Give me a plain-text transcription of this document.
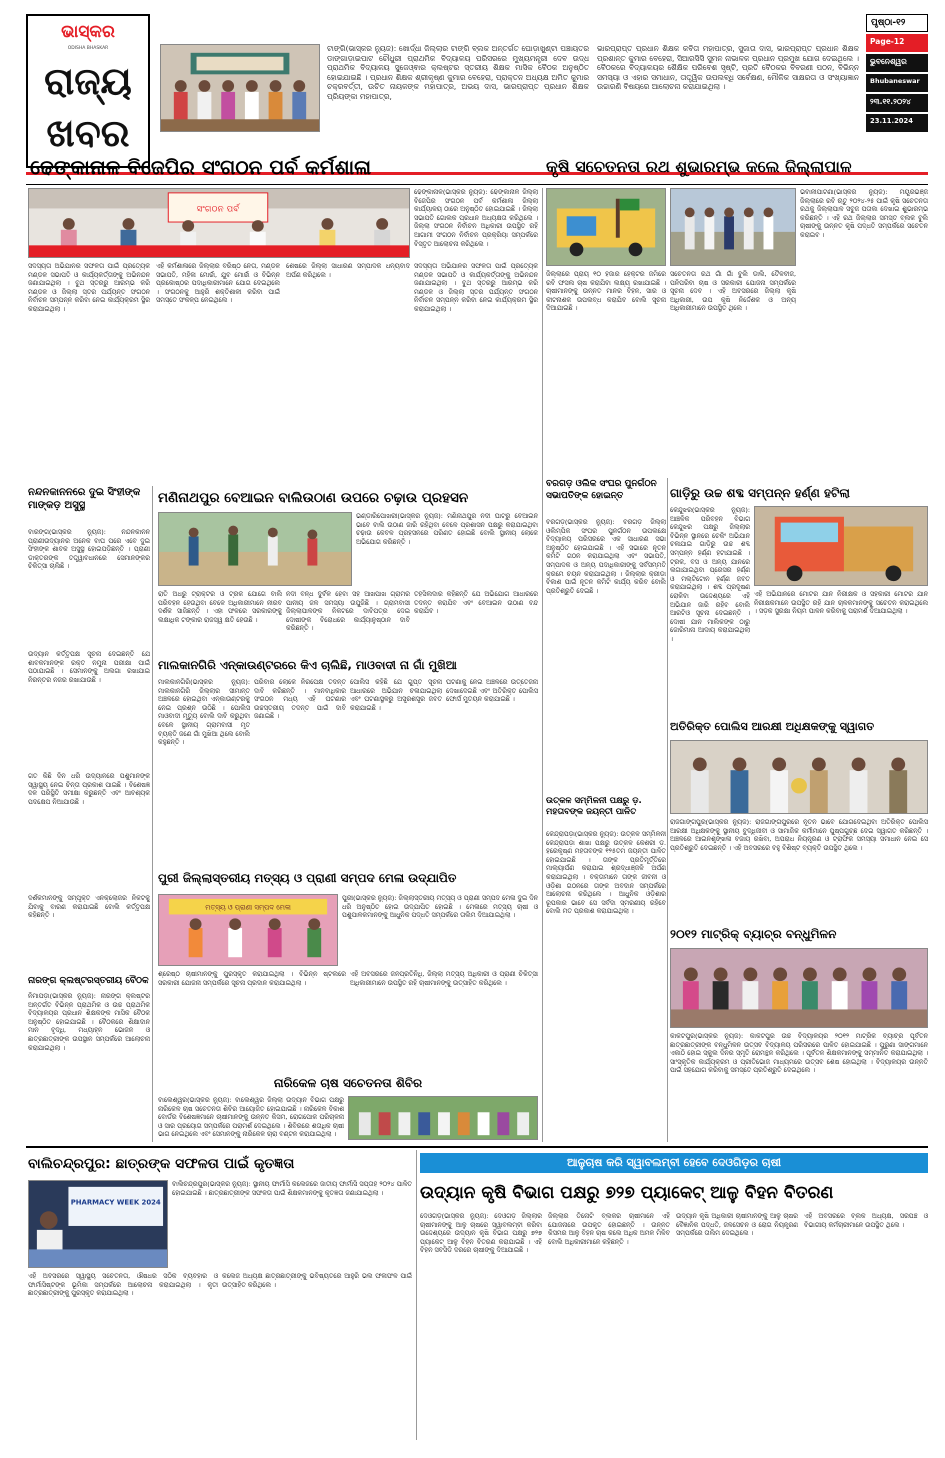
ଭାସ୍କର
ODISHA BHASKAR
ରାଜ୍ୟ
ଖବର
ଟାଙ୍ଗି(ଭାସ୍କର ନ୍ୟୁଜ): ଖୋର୍ଦ୍ଧା ଜିଲ୍ଲାର ଟାଙ୍ଗି ବ୍ଲକ ଅନ୍ତର୍ଗତ ଘୋଡ଼ାଖୁଣ୍ଟା ପଞ୍ଚାୟତର ଡାଙ୍ଗାଡ଼ାଇପାଟ ଚୌଧୁରୀ ପ୍ରାଥମିକ ବିଦ୍ୟାଳୟ ପରିସରରେ ମୁଖ୍ୟମନ୍ତ୍ରୀ ଦେବ ଉଦ୍ଧ ପ୍ରାଥମିକ ବିଦ୍ୟାଳୟ ସୁଜେଓ୍ଵାର କ୍ଲଷ୍ଟର ସ୍ତରୀୟ ଶିକ୍ଷକ ମାସିକ ବୈଠକ ଅନୁଷ୍ଠିତ ହୋଇଯାଇଛି । ପ୍ରଧାନ ଶିକ୍ଷକ ଶ୍ରୀକୃଷ୍ଣ କୁମାର ବେହେରା, ପ୍ରାକ୍ତନ ଅଧ୍ୟକ୍ଷ ଅମିତ କୁମାର ଚକ୍ରବର୍ତ୍ତୀ, ଉଚିତ ନାୟକଙ୍କ ମହାପାତ୍ର, ଅଭୟ ଦାସ, ଭାରପ୍ରାପ୍ତ ପ୍ରଧାନ ଶିକ୍ଷକ ପ୍ରିୟଙ୍କା ମହାପାତ୍ର,
ଭାରପ୍ରାପ୍ତ ପ୍ରଧାନ ଶିକ୍ଷକ କବିତା ମହାପାତ୍ର, ସୁଜାତା ଦାସ, ଭାରପ୍ରାପ୍ତ ପ୍ରଧାନ ଶିକ୍ଷକ ପ୍ରଶାନ୍ତ କୁମାର ବେହେରା, ସିଆରସିସି ସୁମନ ନାଭାଳକ ପ୍ରଧାନ ପ୍ରମୁଖ ଯୋଗ ଦେଇଥିଲେ । ବୈଠକରେ ବିଦ୍ୟାଳୟର ଶୈକ୍ଷିକ ପରିବେଶ ସୃଷ୍ଟି, ପ୍ରତି ବୈଠକର ବିବରଣୀ ପଠନ, ବିଭିନ୍ନ ସମସ୍ୟା ଓ ଏହାର ସମାଧାନ, ତାତ୍ତ୍ୱିକ ଉପଲବ୍ଧି ସର୍ବେକ୍ଷଣ, ମୌଳିକ ସାକ୍ଷରତା ଓ ସଂଖ୍ୟାଜ୍ଞାନ ଉଚ୍ଚାରଣି ବିଷୟରେ ଆଲୋଚନା କରାଯାଇଥିଲା ।
ପୃଷ୍ଠା-୧୨
Page-12
ଭୁବନେଶ୍ୱର
Bhubaneswar
୨୩.୧୧.୨୦୨୪
23.11.2024
ଢେଙ୍କାନାଳ ବିଜେପିର ସଂଗଠନ ପର୍ବ କର୍ମଶାଳା
ସଂଗଠନ ପର୍ବ
ଢେଙ୍କାନାଳ(ଭାସ୍କର ନ୍ୟୁଜ): ଢେଙ୍କାନାଳ ଜିଲ୍ଲା ବିଜେପିର ସଂଗଠନ ପର୍ବ କର୍ମଶାଳା ଜିଲ୍ଲା କାର୍ଯ୍ୟାଳୟ ଠାରେ ଅନୁଷ୍ଠିତ ହୋଇଯାଇଛି । ଜିଲ୍ଲା ସଭାପତି ଗୋଲକ ପ୍ରଧାନ ଅଧ୍ୟକ୍ଷତା କରିଥିଲେ । ଜିଲ୍ଲା ସଂଗଠନ ନିର୍ବାଚନ ଅଧିକାରୀ ଉପସ୍ଥିତ ରହି ଆଗାମୀ ସଂଗଠନ ନିର୍ବାଚନ ପ୍ରକ୍ରିୟା ସମ୍ପର୍କରେ ବିସ୍ତୃତ ଆଲୋଚନା କରିଥିଲେ ।
ସଦସ୍ୟତା ଅଭିଯାନର ସଫଳତା ପାଇଁ ପ୍ରତ୍ୟେକ ମଣ୍ଡଳ ସଭାପତି ଓ କାର୍ଯ୍ୟକର୍ତ୍ତାଙ୍କୁ ଅଭିନନ୍ଦନ ଜଣାଯାଇଥିଲା । ବୁଥ ସ୍ତରରୁ ଆରମ୍ଭ କରି ମଣ୍ଡଳ ଓ ଜିଲ୍ଲା ସ୍ତର ପର୍ଯ୍ୟନ୍ତ ସଂଗଠନ ନିର୍ବାଚନ ସମ୍ପନ୍ନ କରିବା ନେଇ କାର୍ଯ୍ୟକ୍ରମ ସ୍ଥିର କରାଯାଇଥିଲା ।
ଏହି କର୍ମଶାଳାରେ ଜିଲ୍ଲାର ବରିଷ୍ଠ ନେତା, ମଣ୍ଡଳ ସଭାପତି, ମହିଳା ମୋର୍ଚ୍ଚା, ଯୁବ ମୋର୍ଚ୍ଚା ଓ ବିଭିନ୍ନ ପ୍ରକୋଷ୍ଠର ପଦାଧିକାରୀମାନେ ଯୋଗ ଦେଇଥିଲେ । ସଂଗଠନକୁ ଆହୁରି ଶକ୍ତିଶାଳୀ କରିବା ପାଇଁ ସମସ୍ତେ ସଂକଳ୍ପ ନେଇଥିଲେ ।
ଶେଷରେ ଜିଲ୍ଲା ସାଧାରଣ ସମ୍ପାଦକ ଧନ୍ୟବାଦ ଅର୍ପଣ କରିଥିଲେ ।
ସଦସ୍ୟତା ଅଭିଯାନର ସଫଳତା ପାଇଁ ପ୍ରତ୍ୟେକ ମଣ୍ଡଳ ସଭାପତି ଓ କାର୍ଯ୍ୟକର୍ତ୍ତାଙ୍କୁ ଅଭିନନ୍ଦନ ଜଣାଯାଇଥିଲା । ବୁଥ ସ୍ତରରୁ ଆରମ୍ଭ କରି ମଣ୍ଡଳ ଓ ଜିଲ୍ଲା ସ୍ତର ପର୍ଯ୍ୟନ୍ତ ସଂଗଠନ ନିର୍ବାଚନ ସମ୍ପନ୍ନ କରିବା ନେଇ କାର୍ଯ୍ୟକ୍ରମ ସ୍ଥିର କରାଯାଇଥିଲା ।
କୃଷି ସଚେତନତା ରଥ ଶୁଭାରମ୍ଭ କଲେ ଜିଲ୍ଲାପାଳ
ଭବାନୀପାଟଣା(ଭାସ୍କର ନ୍ୟୁଜ): ମୟୂରଭଞ୍ଜ ଜିଲ୍ଲାରେ ରବି ଋତୁ ୨୦୨୪-୨୫ ପାଇଁ କୃଷି ସଚେତନତା ରଥକୁ ଜିଲ୍ଲାପାଳ ସବୁଜ ପତାକା ଦେଖାଇ ଶୁଭାରମ୍ଭ କରିଛନ୍ତି । ଏହି ରଥ ଜିଲ୍ଲାର ସମସ୍ତ ବ୍ଲକ ବୁଲି ଚାଷୀଙ୍କୁ ଉନ୍ନତ କୃଷି ପଦ୍ଧତି ସମ୍ପର୍କରେ ସଚେତନ କରାଇବ ।
ଜିଲ୍ଲାରେ ପ୍ରାୟ ୧୦ ହଜାର ହେକ୍ଟର ଜମିରେ ରବି ଫସଲ ଚାଷ କରାଯିବା ଲକ୍ଷ୍ୟ ରଖାଯାଇଛି । ଚାଷୀମାନଙ୍କୁ ଉନ୍ନତ ମାନର ବିହନ, ସାର ଓ କୀଟନାଶକ ଉପଲବ୍ଧ କରାଯିବ ବୋଲି ସୂଚନା ଦିଆଯାଇଛି ।
ସଚେତନତା ରଥ ଗାଁ ଗାଁ ବୁଲି ଡାଲି, ତୈଳବୀଜ, ପନିପରିବା ଚାଷ ଓ ସରକାରୀ ଯୋଜନା ସମ୍ପର୍କରେ ସୂଚନା ଦେବ । ଏହି ଅବସରରେ ଜିଲ୍ଲା କୃଷି ଅଧିକାରୀ, ଉପ କୃଷି ନିର୍ଦ୍ଦେଶକ ଓ ଅନ୍ୟ ଅଧିକାରୀମାନେ ଉପସ୍ଥିତ ଥିଲେ ।
ବରଗଡ଼ ଓଲିକ ସଂଘର ପୁନର୍ଗଠନ ସଭାପତିଙ୍କ ହୋଇନ୍ତ
ବରଗଡ଼(ଭାସ୍କର ନ୍ୟୁଜ): ବରଗଡ଼ ଜିଲ୍ଲା ଓଲିମ୍ପିକ ସଂଘର ପୁନର୍ଗଠନ ଉପଲକ୍ଷେ ବିଦ୍ୟାଳୟ ପରିସରରେ ଏକ ସାଧାରଣ ସଭା ଅନୁଷ୍ଠିତ ହୋଇଯାଇଛି । ଏହି ସଭାରେ ନୂତନ କମିଟି ଗଠନ କରାଯାଇଥିଲା ଏବଂ ସଭାପତି, ସମ୍ପାଦକ ଓ ଅନ୍ୟ ପଦାଧିକାରୀଙ୍କୁ ସର୍ବସମ୍ମତି କ୍ରମେ ଚୟନ କରାଯାଇଥିଲା । ଜିଲ୍ଲାର କ୍ରୀଡ଼ା ବିକାଶ ପାଇଁ ନୂତନ କମିଟି କାର୍ଯ୍ୟ କରିବ ବୋଲି ପ୍ରତିଶ୍ରୁତି ଦେଇଛି ।
ଗାଡ଼ିରୁ ଉଚ୍ଚ ଶବ୍ଦ ସମ୍ପନ୍ନ ହର୍ଣ୍ଣ ହଟିଲା
କେନ୍ଦୁଝର(ଭାସ୍କର ନ୍ୟୁଜ): ଆଞ୍ଚଳିକ ପରିବହନ ବିଭାଗ କେନ୍ଦୁଝର ପକ୍ଷରୁ ଜିଲ୍ଲାର ବିଭିନ୍ନ ସ୍ଥାନରେ ଚେକିଂ ଅଭିଯାନ ଚଳାଯାଇ ଗାଡ଼ିରୁ ଉଚ୍ଚ ଶବ୍ଦ ସମ୍ପନ୍ନ ହର୍ଣ୍ଣ ହଟାଯାଇଛି । ଟ୍ରକ, ବସ ଓ ଅନ୍ୟ ଯାନରେ ଲଗାଯାଇଥିବା ପ୍ରେସର ହର୍ଣ୍ଣ ଓ ମଲ୍ଟିଟୋନ ହର୍ଣ୍ଣ ଜବତ କରାଯାଇଥିଲା । ଶବ୍ଦ ପ୍ରଦୂଷଣ ରୋକିବା ଉଦ୍ଦେଶ୍ୟରେ ଏହି ଅଭିଯାନ ଜାରି ରହିବ ବୋଲି ଆରଟିଓ ସୂଚନା ଦେଇଛନ୍ତି । ଦୋଷୀ ଯାନ ମାଲିକଙ୍କ ଠାରୁ ଜୋରିମାନା ଆଦାୟ କରାଯାଇଥିଲା ।
ଏହି ଅଭିଯାନରେ ମୋଟର ଯାନ ନିରୀକ୍ଷକ ଓ ସହକାରୀ ମୋଟର ଯାନ ନିରୀକ୍ଷକମାନେ ଉପସ୍ଥିତ ରହି ଯାନ ଚାଳକମାନଙ୍କୁ ସଚେତନ କରାଇଥିଲେ । ସଡ଼କ ସୁରକ୍ଷା ନିୟମ ପାଳନ କରିବାକୁ ପରାମର୍ଶ ଦିଆଯାଇଥିଲା ।
ନନ୍ଦନକାନନରେ ଦୁଇ ସିଂହୀଙ୍କ ମାଙ୍କଡ଼ ଅସୁସ୍ଥ
ବାରଙ୍ଗ(ଭାସ୍କର ନ୍ୟୁଜ): ନନ୍ଦନକାନନ ପ୍ରାଣୀଉଦ୍ୟାନର ଅନେକ ବାଘ ପରେ ଏବେ ଦୁଇ ସିଂହୀଙ୍କ ଶାବକ ଅସୁସ୍ଥ ହୋଇପଡ଼ିଛନ୍ତି । ପ୍ରାଣୀ ଡାକ୍ତରଙ୍କ ତତ୍ତ୍ୱାବଧାନରେ ସେମାନଙ୍କର ଚିକିତ୍ସା ଚାଲିଛି ।
ଉଦ୍ୟାନ କର୍ତ୍ତୃପକ୍ଷ ସୂଚନା ଦେଇଛନ୍ତି ଯେ ଶାବକମାନଙ୍କ ରକ୍ତ ନମୁନା ପରୀକ୍ଷା ପାଇଁ ପଠାଯାଇଛି । ସେମାନଙ୍କୁ ଅଲଗା ରଖାଯାଇ ନିରନ୍ତର ନଜର ରଖାଯାଉଛି ।
ଗତ କିଛି ଦିନ ଧରି ଉଦ୍ୟାନରେ ପଶୁମାନଙ୍କ ସ୍ୱାସ୍ଥ୍ୟ ନେଇ ଚିନ୍ତା ପ୍ରକାଶ ପାଇଛି । ବିଶେଷଜ୍ଞ ଦଳ ପରିସ୍ଥିତି ସମୀକ୍ଷା କରୁଛନ୍ତି ଏବଂ ଆବଶ୍ୟକ ପଦକ୍ଷେପ ନିଆଯାଉଛି ।
ଦର୍ଶକମାନଙ୍କୁ ସମ୍ପୃକ୍ତ ଏନକ୍ଲୋଜର ନିକଟକୁ ଯିବାକୁ ବାରଣ କରାଯାଇଛି ବୋଲି କର୍ତ୍ତୃପକ୍ଷ କହିଛନ୍ତି ।
ମଣିନାଥପୁର ବେଆଇନ ବାଲିଉଠାଣ ଉପରେ ଚଢ଼ାଉ ପ୍ରହସନ
ଭଣ୍ଡାରିପୋଖରୀ(ଭାସ୍କର ନ୍ୟୁଜ): ମଣିନାଥପୁର ନଦୀ ଘାଟରୁ ବେଆଇନ ଭାବେ ବାଲି ଉଠାଣ ଜାରି ରହିଥିବା ବେଳେ ପ୍ରଶାସନ ପକ୍ଷରୁ କରାଯାଇଥିବା ଚଢ଼ାଉ କେବଳ ପ୍ରହସନରେ ପରିଣତ ହୋଇଛି ବୋଲି ସ୍ଥାନୀୟ ଲୋକେ ଅଭିଯୋଗ କରିଛନ୍ତି ।
ରାତି ଅଧରୁ ଟ୍ରାକ୍ଟର ଓ ଟ୍ରକ ଯୋଗେ ବାଲି ପରିବହନ ହେଉଥିବା ବେଳେ ଅଧିକାରୀମାନେ ନୀରବ ଦର୍ଶକ ସାଜିଛନ୍ତି । ଏହା ଫଳରେ ସରକାରଙ୍କୁ ଲକ୍ଷାଧିକ ଟଙ୍କାର ରାଜସ୍ୱ କ୍ଷତି ହେଉଛି ।
ନଦୀ ବନ୍ଧ ଦୁର୍ବଳ ହେବା ସହ ଆଖପାଖ ଗ୍ରାମର ପାନୀୟ ଜଳ ସମସ୍ୟା ଉପୁଜିଛି । ଗ୍ରାମବାସୀ ଜିଲ୍ଲାପାଳଙ୍କ ନିକଟରେ ଦାବିପତ୍ର ଦେଇ ଦୋଷୀଙ୍କ ବିରୋଧରେ କାର୍ଯ୍ୟାନୁଷ୍ଠାନ ଦାବି କରିଛନ୍ତି ।
ତହସିଲଦାର କହିଛନ୍ତି ଯେ ଅଭିଯୋଗ ଆଧାରରେ ତଦନ୍ତ କରାଯିବ ଏବଂ ବେଆଇନ ଉଠାଣ ବନ୍ଦ କରାଯିବ ।
ମାଲକାନଗିରି ଏନ୍‌କାଉଣ୍ଟରରେ କିଏ ଚାଲିଛି, ମାଓବାଦୀ ନା ଗାଁ ମୁଖିଆ
ମାଲକାନଗିରି(ଭାସ୍କର ନ୍ୟୁଜ): ମାଲକାନଗିରି ଜିଲ୍ଲାର ସୀମାନ୍ତ ଅଞ୍ଚଳରେ ହୋଇଥିବା ଏନ୍‌କାଉଣ୍ଟରକୁ ନେଇ ପ୍ରଶ୍ନ ଉଠିଛି । ପୋଲିସ ମାଓବାଦୀ ମୃତ୍ୟୁ ବୋଲି ଦାବି କରୁଥିବା ବେଳେ ସ୍ଥାନୀୟ ଗ୍ରାମବାସୀ ମୃତ ବ୍ୟକ୍ତି ଜଣେ ଗାଁ ମୁଖିଆ ଥିଲେ ବୋଲି କହୁଛନ୍ତି ।
ପରିବାର ଲୋକେ ନିରପେକ୍ଷ ତଦନ୍ତ ଦାବି କରିଛନ୍ତି । ମାନବାଧିକାର ସଂଗଠନ ମଧ୍ୟ ଏହି ଘଟଣାର ଉଚ୍ଚସ୍ତରୀୟ ତଦନ୍ତ ପାଇଁ ଦାବି ଜଣାଇଛି ।
ପୋଲିସ କହିଛି ଯେ ଗୁପ୍ତ ସୂଚନା ଆଧାରରେ ଅଭିଯାନ ଚଳାଯାଇଥିଲା ଏବଂ ଘଟଣାସ୍ଥଳରୁ ଅସ୍ତ୍ରଶସ୍ତ୍ର ଜବତ କରାଯାଇଛି ।
ଘଟଣାକୁ ନେଇ ଅଞ୍ଚଳରେ ଉତ୍ତେଜନା ଦେଖାଦେଇଛି ଏବଂ ଅତିରିକ୍ତ ପୋଲିସ ଫୋର୍ସ ମୁତୟନ କରାଯାଇଛି ।
ପୁରୀ ଜିଲ୍ଲାସ୍ତରୀୟ ମତ୍ସ୍ୟ ଓ ପ୍ରାଣୀ ସମ୍ପଦ ମେଳା ଉଦ୍‌ଯାପିତ
ମତ୍ସ୍ୟ ଓ ପ୍ରାଣୀ ସମ୍ପଦ ମେଳା
ପୁରୀ(ଭାସ୍କର ନ୍ୟୁଜ): ଜିଲ୍ଲାସ୍ତରୀୟ ମତ୍ସ୍ୟ ଓ ପ୍ରାଣୀ ସମ୍ପଦ ମେଳା ଦୁଇ ଦିନ ଧରି ଅନୁଷ୍ଠିତ ହୋଇ ଉଦ୍‌ଯାପିତ ହୋଇଛି । ମେଳାରେ ମତ୍ସ୍ୟ ଚାଷୀ ଓ ପଶୁପାଳକମାନଙ୍କୁ ଆଧୁନିକ ପଦ୍ଧତି ସମ୍ପର୍କରେ ତାଲିମ ଦିଆଯାଇଥିଲା ।
ଶ୍ରେଷ୍ଠ ଚାଷୀମାନଙ୍କୁ ପୁରସ୍କୃତ କରାଯାଇଥିଲା । ବିଭିନ୍ନ ଷ୍ଟଲରେ ସରକାରୀ ଯୋଜନା ସମ୍ପର୍କରେ ସୂଚନା ପ୍ରଦାନ କରାଯାଇଥିଲା ।
ଏହି ଅବସରରେ ଜନପ୍ରତିନିଧି, ଜିଲ୍ଲା ମତ୍ସ୍ୟ ଅଧିକାରୀ ଓ ପ୍ରାଣୀ ଚିକିତ୍ସା ଅଧିକାରୀମାନେ ଉପସ୍ଥିତ ରହି ଚାଷୀମାନଙ୍କୁ ଉତ୍ସାହିତ କରିଥିଲେ ।
ନାରଙ୍ଗ କ୍ଲଷ୍ଟରସ୍ତରୀୟ ବୈଠକ
ନିମାପଡ଼ା(ଭାସ୍କର ନ୍ୟୁଜ): ନାରଙ୍ଗ କ୍ଲଷ୍ଟର ଅନ୍ତର୍ଗତ ବିଭିନ୍ନ ପ୍ରାଥମିକ ଓ ଉଚ୍ଚ ପ୍ରାଥମିକ ବିଦ୍ୟାଳୟର ପ୍ରଧାନ ଶିକ୍ଷକଙ୍କ ମାସିକ ବୈଠକ ଅନୁଷ୍ଠିତ ହୋଇଯାଇଛି । ବୈଠକରେ ଶିକ୍ଷାଦାନ ମାନ ବୃଦ୍ଧି, ମଧ୍ୟାହ୍ନ ଭୋଜନ ଓ ଛାତ୍ରଛାତ୍ରୀଙ୍କ ଉପସ୍ଥାନ ସମ୍ପର୍କରେ ଆଲୋଚନା କରାଯାଇଥିଲା ।
ନାରିକେଳ ଚାଷ ସଚେତନତା ଶିବିର
ବାଲେଶ୍ୱର(ଭାସ୍କର ନ୍ୟୁଜ): ବାଲେଶ୍ୱର ଜିଲ୍ଲା ଉଦ୍ୟାନ ବିଭାଗ ପକ୍ଷରୁ ନାରିକେଳ ଚାଷ ସଚେତନତା ଶିବିର ଆୟୋଜିତ ହୋଇଯାଇଛି । ନାରିକେଳ ବିକାଶ ବୋର୍ଡର ବିଶେଷଜ୍ଞମାନେ ଚାଷୀମାନଙ୍କୁ ଉନ୍ନତ କିସମ, ରୋଗପୋକ ପରିଚାଳନା ଓ ସାର ପ୍ରୟୋଗ ସମ୍ପର୍କରେ ପରାମର୍ଶ ଦେଇଥିଲେ । ଶିବିରରେ ଶତାଧିକ ଚାଷୀ ଭାଗ ନେଇଥିଲେ ଏବଂ ସେମାନଙ୍କୁ ନାରିକେଳ ଚାରା ବଣ୍ଟନ କରାଯାଇଥିଲା ।
ଉତ୍କଳ ସମ୍ମିଳନୀ ପକ୍ଷରୁ ଡ଼. ମହତାବଙ୍କ ଜୟନ୍ତୀ ପାଳିତ
କେନ୍ଦ୍ରାପଡ଼ା(ଭାସ୍କର ନ୍ୟୁଜ): ଉତ୍କଳ ସମ୍ମିଳନୀ କେନ୍ଦ୍ରାପଡ଼ା ଶାଖା ପକ୍ଷରୁ ଉତ୍କଳ କେଶରୀ ଡ଼. ହରେକୃଷ୍ଣ ମହତାବଙ୍କ ୧୨୫ତମ ଜୟନ୍ତୀ ପାଳିତ ହୋଇଯାଇଛି । ତାଙ୍କ ପ୍ରତିମୂର୍ତ୍ତିରେ ମାଲ୍ୟାର୍ପଣ କରାଯାଇ ଶ୍ରଦ୍ଧାଞ୍ଜଳି ଅର୍ପଣ କରାଯାଇଥିଲା । ବକ୍ତାମାନେ ତାଙ୍କ ଜୀବନୀ ଓ ଓଡ଼ିଶା ଗଠନରେ ତାଙ୍କ ଅବଦାନ ସମ୍ପର୍କରେ ଆଲୋଚନା କରିଥିଲେ । ଆଧୁନିକ ଓଡ଼ିଶାର ରୂପକାର ଭାବେ ସେ ସର୍ବଦା ସ୍ମରଣୀୟ ରହିବେ ବୋଲି ମତ ପ୍ରକାଶ କରାଯାଇଥିଲା ।
ଅତିରିକ୍ତ ପୋଲିସ ଆରକ୍ଷୀ ଅଧିକ୍ଷକଙ୍କୁ ସ୍ୱାଗତ
ରାଜଗାଙ୍ଗପୁର(ଭାସ୍କର ନ୍ୟୁଜ): ରାଜଗାଙ୍ଗପୁରରେ ନୂତନ ଭାବେ ଯୋଗଦେଇଥିବା ଅତିରିକ୍ତ ପୋଲିସ ଆରକ୍ଷୀ ଅଧିକ୍ଷକଙ୍କୁ ସ୍ଥାନୀୟ ବୁଦ୍ଧିଜୀବୀ ଓ ସାମାଜିକ କର୍ମୀମାନେ ପୁଷ୍ପଗୁଚ୍ଛ ଦେଇ ସ୍ୱାଗତ କରିଛନ୍ତି । ଅଞ୍ଚଳରେ ଆଇନଶୃଙ୍ଖଳା ବଜାୟ ରଖିବା, ଅପରାଧ ନିୟନ୍ତ୍ରଣ ଓ ଟ୍ରାଫିକ ସମସ୍ୟା ସମାଧାନ ନେଇ ସେ ପ୍ରତିଶ୍ରୁତି ଦେଇଛନ୍ତି । ଏହି ଅବସରରେ ବହୁ ବିଶିଷ୍ଟ ବ୍ୟକ୍ତି ଉପସ୍ଥିତ ଥିଲେ ।
୨୦୧୨ ମାଟ୍ରିକ୍ ବ୍ୟାଚ୍‌ର ବନ୍ଧୁମିଳନ
କାକଟପୁର(ଭାସ୍କର ନ୍ୟୁଜ): କାକଟପୁର ଉଚ୍ଚ ବିଦ୍ୟାଳୟର ୨୦୧୨ ମାଟ୍ରିକ ବ୍ୟାଚ୍‌ର ପୂର୍ବତନ ଛାତ୍ରଛାତ୍ରୀଙ୍କ ବନ୍ଧୁମିଳନ ଉତ୍ସବ ବିଦ୍ୟାଳୟ ପରିସରରେ ପାଳିତ ହୋଇଯାଇଛି । ପୁରୁଣା ସାଙ୍ଗମାନେ ଏକାଠି ହୋଇ ସ୍କୁଲ ଦିନର ସ୍ମୃତି ରୋମନ୍ଥନ କରିଥିଲେ । ପୂର୍ବତନ ଶିକ୍ଷକମାନଙ୍କୁ ସମ୍ମାନିତ କରାଯାଇଥିଲା । ସାଂସ୍କୃତିକ କାର୍ଯ୍ୟକ୍ରମ ଓ ପ୍ରୀତିଭୋଜ ମାଧ୍ୟମରେ ଉତ୍ସବ ଶେଷ ହୋଇଥିଲା । ବିଦ୍ୟାଳୟର ଉନ୍ନତି ପାଇଁ ସହଯୋଗ କରିବାକୁ ସମସ୍ତେ ପ୍ରତିଶ୍ରୁତି ଦେଇଥିଲେ ।
ବାଲିଚନ୍ଦ୍ରପୁର: ଛାତ୍ରଙ୍କ ସଫଳତା ପାଇଁ କୃତଜ୍ଞତା
PHARMACY WEEK 2024
ବାଲିଚନ୍ଦ୍ରପୁର(ଭାସ୍କର ନ୍ୟୁଜ): ସ୍ଥାନୀୟ ଫାର୍ମାସି କଲେଜରେ ଜାତୀୟ ଫାର୍ମାସି ସପ୍ତାହ ୨୦୨୪ ପାଳିତ ହୋଇଯାଇଛି । ଛାତ୍ରଛାତ୍ରୀଙ୍କ ସଫଳତା ପାଇଁ ଶିକ୍ଷକମାନଙ୍କୁ କୃତଜ୍ଞତା ଜଣାଯାଇଥିଲା ।
ଏହି ଅବସରରେ ସ୍ୱାସ୍ଥ୍ୟ ସଚେତନତା, ଔଷଧର ସଠିକ ବ୍ୟବହାର ଓ ଫାର୍ମାସିଷ୍ଟଙ୍କ ଭୂମିକା ସମ୍ପର୍କରେ ଆଲୋଚନା କରାଯାଇଥିଲା । କୃତୀ ଛାତ୍ରଛାତ୍ରୀଙ୍କୁ ପୁରସ୍କୃତ କରାଯାଇଥିଲା ।
କଲେଜ ଅଧ୍ୟକ୍ଷ ଛାତ୍ରଛାତ୍ରୀଙ୍କୁ ଭବିଷ୍ୟତରେ ଆହୁରି ଭଲ ଫଳାଫଳ ପାଇଁ ଉତ୍ସାହିତ କରିଥିଲେ ।
ଆଳୁଚାଷ କରି ସ୍ୱାବଲମ୍ବୀ ହେବେ ଦେଓଗିଡ଼ର ଚାଷୀ
ଉଦ୍ୟାନ କୃଷି ବିଭାଗ ପକ୍ଷରୁ ୭୨୭ ପ୍ୟାକେଟ୍ ଆଳୁ ବିହନ ବିତରଣ
ଦେଓଗଡ଼(ଭାସ୍କର ନ୍ୟୁଜ): ଦେଓଗଡ଼ ଜିଲ୍ଲାର ଚାଷୀମାନଙ୍କୁ ଆଳୁ ଚାଷରେ ସ୍ୱାବଲମ୍ବୀ କରିବା ଉଦ୍ଦେଶ୍ୟରେ ଉଦ୍ୟାନ କୃଷି ବିଭାଗ ପକ୍ଷରୁ ୭୨୭ ପ୍ୟାକେଟ୍ ଆଳୁ ବିହନ ବିତରଣ କରାଯାଇଛି । ଏହି ବିହନ ସବସିଡି ଦରରେ ଚାଷୀଙ୍କୁ ଦିଆଯାଇଛି ।
ଜିଲ୍ଲାର ତିନୋଟି ବ୍ଲକର ଚାଷୀମାନେ ଏହି ଯୋଜନାରେ ଉପକୃତ ହୋଇଛନ୍ତି । ଉନ୍ନତ କିସମର ଆଳୁ ବିହନ ଚାଷ କଲେ ଅଧିକ ଅମଳ ମିଳିବ ବୋଲି ଅଧିକାରୀମାନେ କହିଛନ୍ତି ।
ଉଦ୍ୟାନ କୃଷି ଅଧିକାରୀ ଚାଷୀମାନଙ୍କୁ ଆଳୁ ଚାଷର ବୈଜ୍ଞାନିକ ପଦ୍ଧତି, ଜଳସେଚନ ଓ ରୋଗ ନିୟନ୍ତ୍ରଣ ସମ୍ପର୍କରେ ତାଲିମ ଦେଇଥିଲେ ।
ଏହି ଅବସରରେ ବ୍ଲକ ଅଧ୍ୟକ୍ଷ, ସରପଞ୍ଚ ଓ ବିଭାଗୀୟ କର୍ମଚାରୀମାନେ ଉପସ୍ଥିତ ଥିଲେ ।
